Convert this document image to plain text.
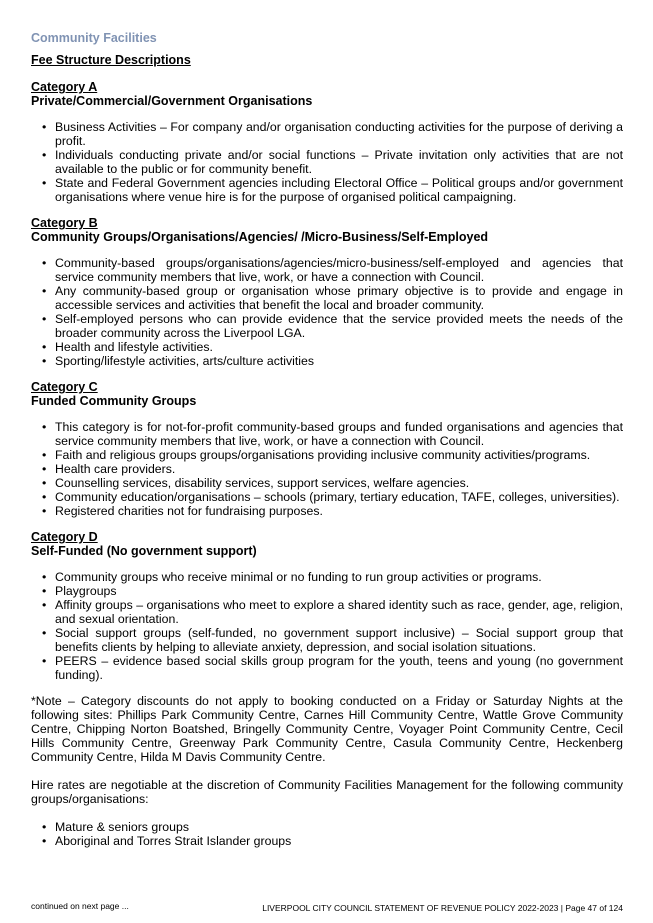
Community Facilities
Fee Structure Descriptions
Category A
Private/Commercial/Government Organisations
• Business Activities – For company and/or organisation conducting activities for the purpose of deriving a profit.
• Individuals conducting private and/or social functions – Private invitation only activities that are not available to the public or for community benefit.
• State and Federal Government agencies including Electoral Office – Political groups and/or government organisations where venue hire is for the purpose of organised political campaigning.
Category B
Community Groups/Organisations/Agencies/ /Micro-Business/Self-Employed
• Community-based groups/organisations/agencies/micro-business/self-employed and agencies that service community members that live, work, or have a connection with Council.
• Any community-based group or organisation whose primary objective is to provide and engage in accessible services and activities that benefit the local and broader community.
• Self-employed persons who can provide evidence that the service provided meets the needs of the broader community across the Liverpool LGA.
• Health and lifestyle activities.
• Sporting/lifestyle activities, arts/culture activities
Category C
Funded Community Groups
• This category is for not-for-profit community-based groups and funded organisations and agencies that service community members that live, work, or have a connection with Council.
• Faith and religious groups groups/organisations providing inclusive community activities/programs.
• Health care providers.
• Counselling services, disability services, support services, welfare agencies.
• Community education/organisations – schools (primary, tertiary education, TAFE, colleges, universities).
• Registered charities not for fundraising purposes.
Category D
Self-Funded (No government support)
• Community groups who receive minimal or no funding to run group activities or programs.
• Playgroups
• Affinity groups – organisations who meet to explore a shared identity such as race, gender, age, religion, and sexual orientation.
• Social support groups (self-funded, no government support inclusive) – Social support group that benefits clients by helping to alleviate anxiety, depression, and social isolation situations.
• PEERS – evidence based social skills group program for the youth, teens and young (no government funding).

*Note – Category discounts do not apply to booking conducted on a Friday or Saturday Nights at the following sites: Phillips Park Community Centre, Carnes Hill Community Centre, Wattle Grove Community Centre, Chipping Norton Boatshed, Bringelly Community Centre, Voyager Point Community Centre, Cecil Hills Community Centre, Greenway Park Community Centre, Casula Community Centre, Heckenberg Community Centre, Hilda M Davis Community Centre.

Hire rates are negotiable at the discretion of Community Facilities Management for the following community groups/organisations:

• Mature & seniors groups
• Aboriginal and Torres Strait Islander groups
continued on next page ...	LIVERPOOL CITY COUNCIL STATEMENT OF REVENUE POLICY 2022-2023 | Page 47 of 124
